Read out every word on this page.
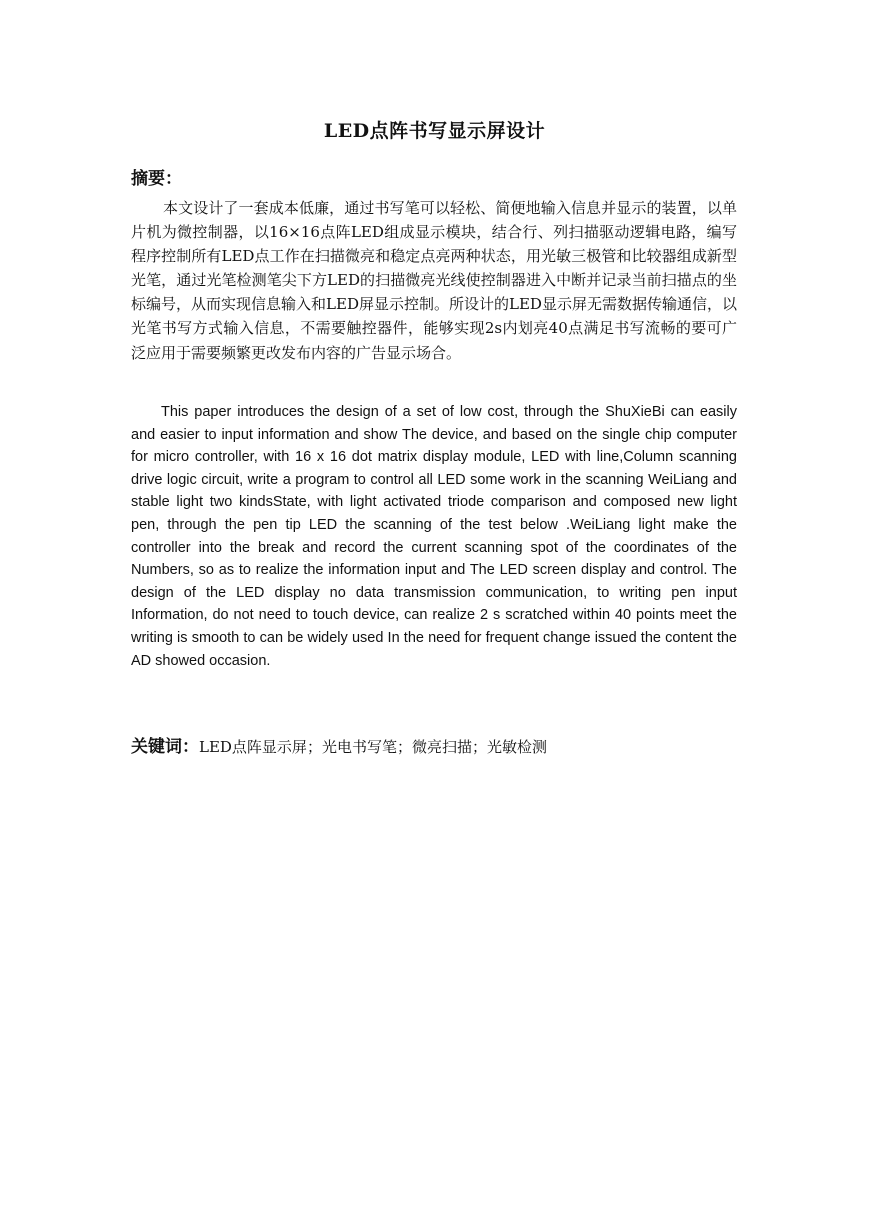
LED点阵书写显示屏设计
摘要：

本文设计了一套成本低廉，通过书写笔可以轻松、简便地输入信息并显示的装置，以单片机为微控制器，以16×16点阵LED组成显示模块，结合行、列扫描驱动逻辑电路，编写程序控制所有LED点工作在扫描微亮和稳定点亮两种状态，用光敏三极管和比较器组成新型光笔，通过光笔检测笔尖下方LED的扫描微亮光线使控制器进入中断并记录当前扫描点的坐标编号，从而实现信息输入和LED屏显示控制。所设计的LED显示屏无需数据传输通信，以光笔书写方式输入信息，不需要触控器件，能够实现2s内划亮40点满足书写流畅的要可广泛应用于需要频繁更改发布内容的广告显示场合。

This paper introduces the design of a set of low cost, through the ShuXieBi can easily and easier to input information and show The device, and based on the single chip computer for micro controller, with 16 x 16 dot matrix display module, LED with line,Column scanning drive logic circuit, write a program to control all LED some work in the scanning WeiLiang and stable light two kindsState, with light activated triode comparison and composed new light pen, through the pen tip LED the scanning of the test below .WeiLiang light make the controller into the break and record the current scanning spot of the coordinates of the Numbers, so as to realize the information input and The LED screen display and control. The design of the LED display no data transmission communication, to writing pen input Information, do not need to touch device, can realize 2 s scratched within 40 points meet the writing is smooth to can be widely used In the need for frequent change issued the content the AD showed occasion.

关键词：LED点阵显示屏；光电书写笔；微亮扫描；光敏检测
